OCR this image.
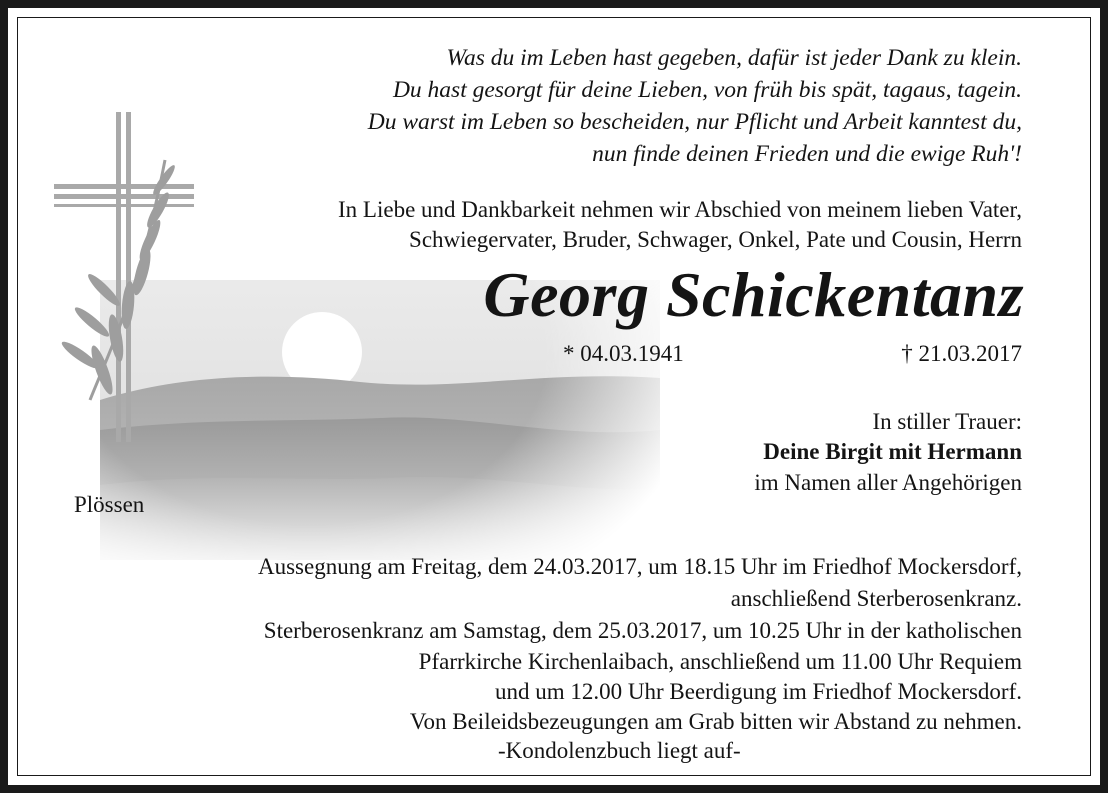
Was du im Leben hast gegeben, dafür ist jeder Dank zu klein.
Du hast gesorgt für deine Lieben, von früh bis spät, tagaus, tagein.
Du warst im Leben so bescheiden, nur Pflicht und Arbeit kanntest du,
nun finde deinen Frieden und die ewige Ruh'!
In Liebe und Dankbarkeit nehmen wir Abschied von meinem lieben Vater,
Schwiegervater, Bruder, Schwager, Onkel, Pate und Cousin, Herrn
Georg Schickentanz
* 04.03.1941	† 21.03.2017
In stiller Trauer:
Deine Birgit mit Hermann
im Namen aller Angehörigen
Plössen
Aussegnung am Freitag, dem 24.03.2017, um 18.15 Uhr im Friedhof Mockersdorf,
anschließend Sterberosenkranz.
Sterberosenkranz am Samstag, dem 25.03.2017, um 10.25 Uhr in der katholischen
Pfarrkirche Kirchenlaibach, anschließend um 11.00 Uhr Requiem
und um 12.00 Uhr Beerdigung im Friedhof Mockersdorf.
Von Beileidsbezeugungen am Grab bitten wir Abstand zu nehmen.
-Kondolenzbuch liegt auf-
